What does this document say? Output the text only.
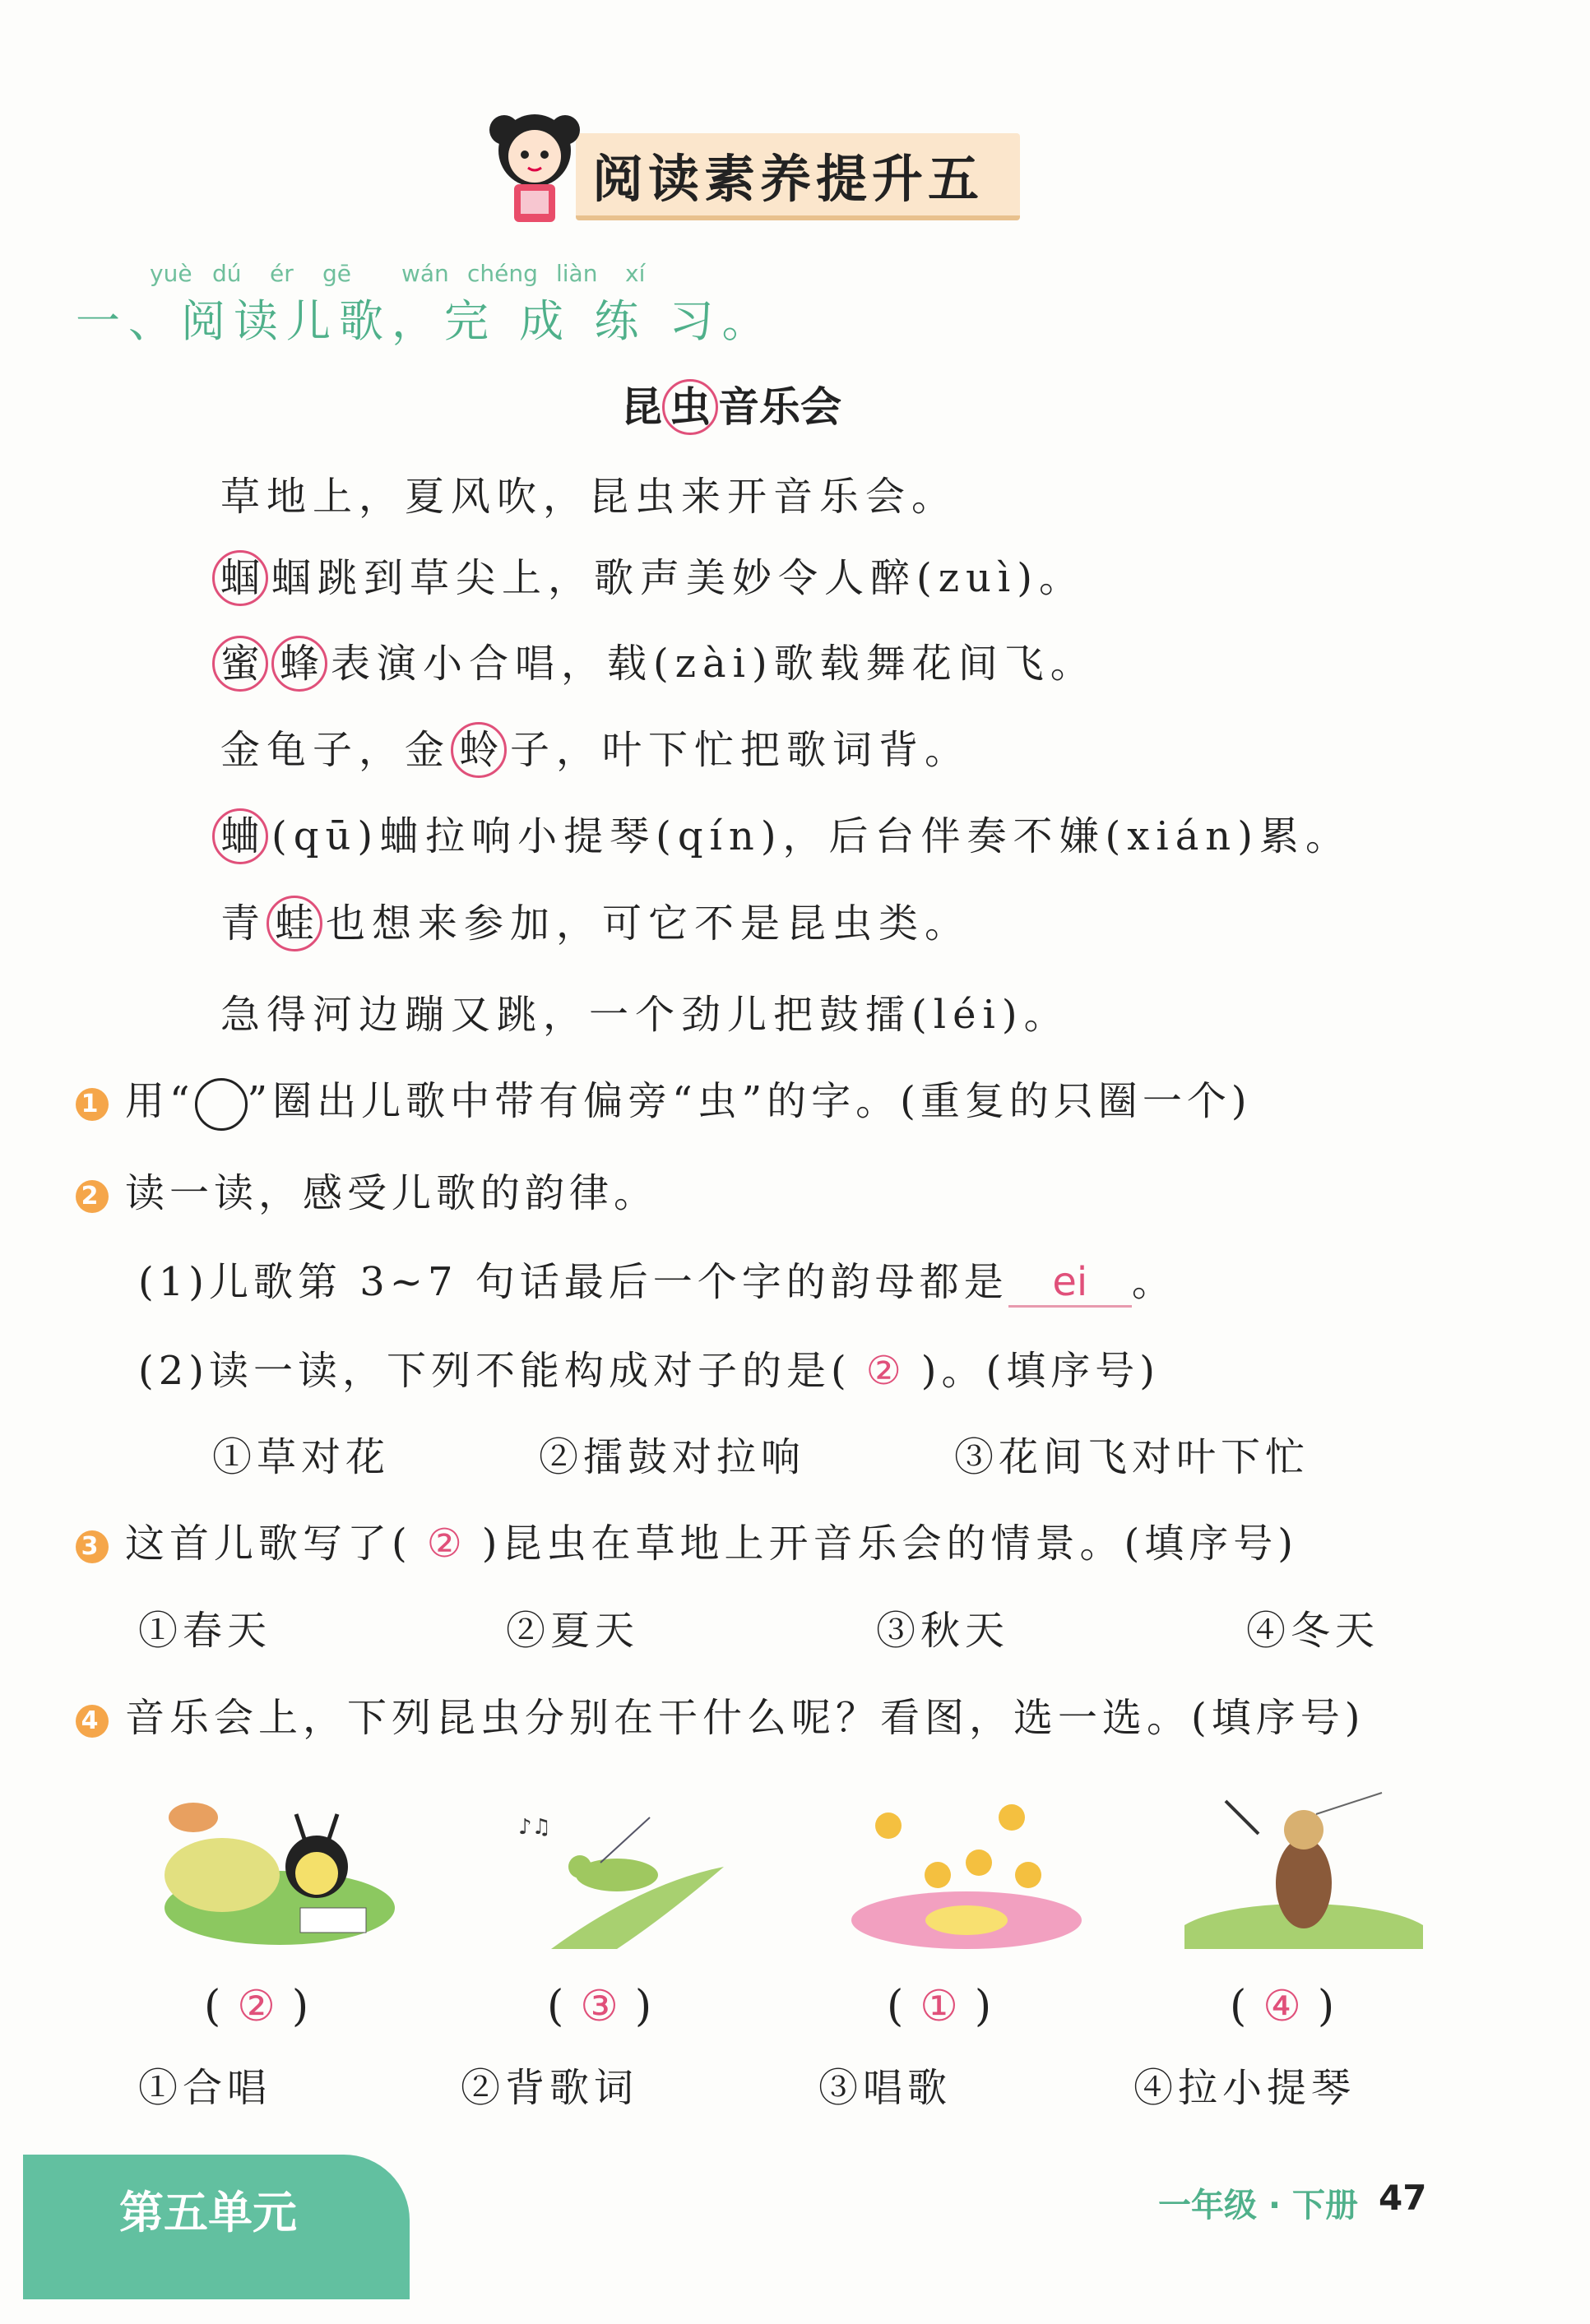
阅读素养提升五
yuè dú ér gē wán chéng liàn xí
一、阅读儿歌，完 成 练 习。
昆 虫 音乐会
草地上，夏风吹，昆虫来开音乐会。
蝈 蝈跳到草尖上，歌声美妙令人醉(zuì)。
蜜 蜂 表演小合唱，载(zài)歌载舞花间飞。
金龟子，金 蛉 子，叶下忙把歌词背。
蛐 (qū)蛐拉响小提琴(qín)，后台伴奏不嫌(xián)累。
青 蛙 也想来参加，可它不是昆虫类。
急得河边蹦又跳，一个劲儿把鼓擂(léi)。
1 用“ ”圈出儿歌中带有偏旁“虫”的字。(重复的只圈一个)
2 读一读，感受儿歌的韵律。
(1)儿歌第 3~7 句话最后一个字的韵母都是 ei 。
(2)读一读，下列不能构成对子的是( ② )。(填序号)
①草对花	②擂鼓对拉响	③花间飞对叶下忙
3 这首儿歌写了( ② )昆虫在草地上开音乐会的情景。(填序号)
①春天	②夏天	③秋天	④冬天
4 音乐会上，下列昆虫分别在干什么呢？看图，选一选。(填序号)
♪♫
(②)	(③)	(①)	(④)
①合唱	②背歌词	③唱歌	④拉小提琴
第五单元	一年级 · 下册 47
